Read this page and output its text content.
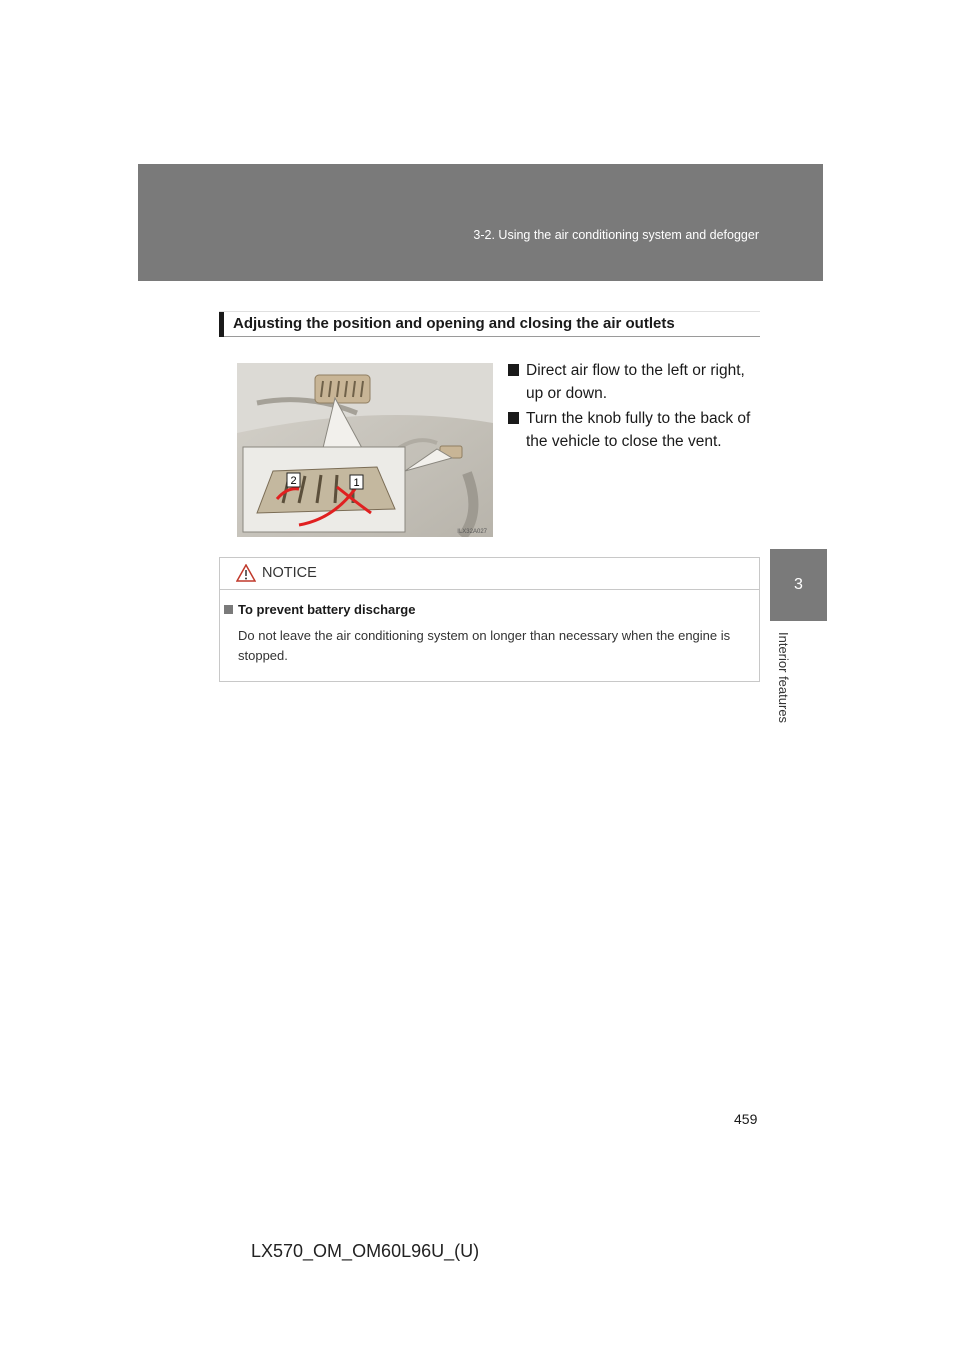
3-2. Using the air conditioning system and defogger
3
Interior features
Adjusting the position and opening and closing the air outlets
2	1
ILX32A027
Direct air flow to the left or right, up or down.
Turn the knob fully to the back of the vehicle to close the vent.
NOTICE
To prevent battery discharge
Do not leave the air conditioning system on longer than necessary when the engine is stopped.
459
LX570_OM_OM60L96U_(U)
